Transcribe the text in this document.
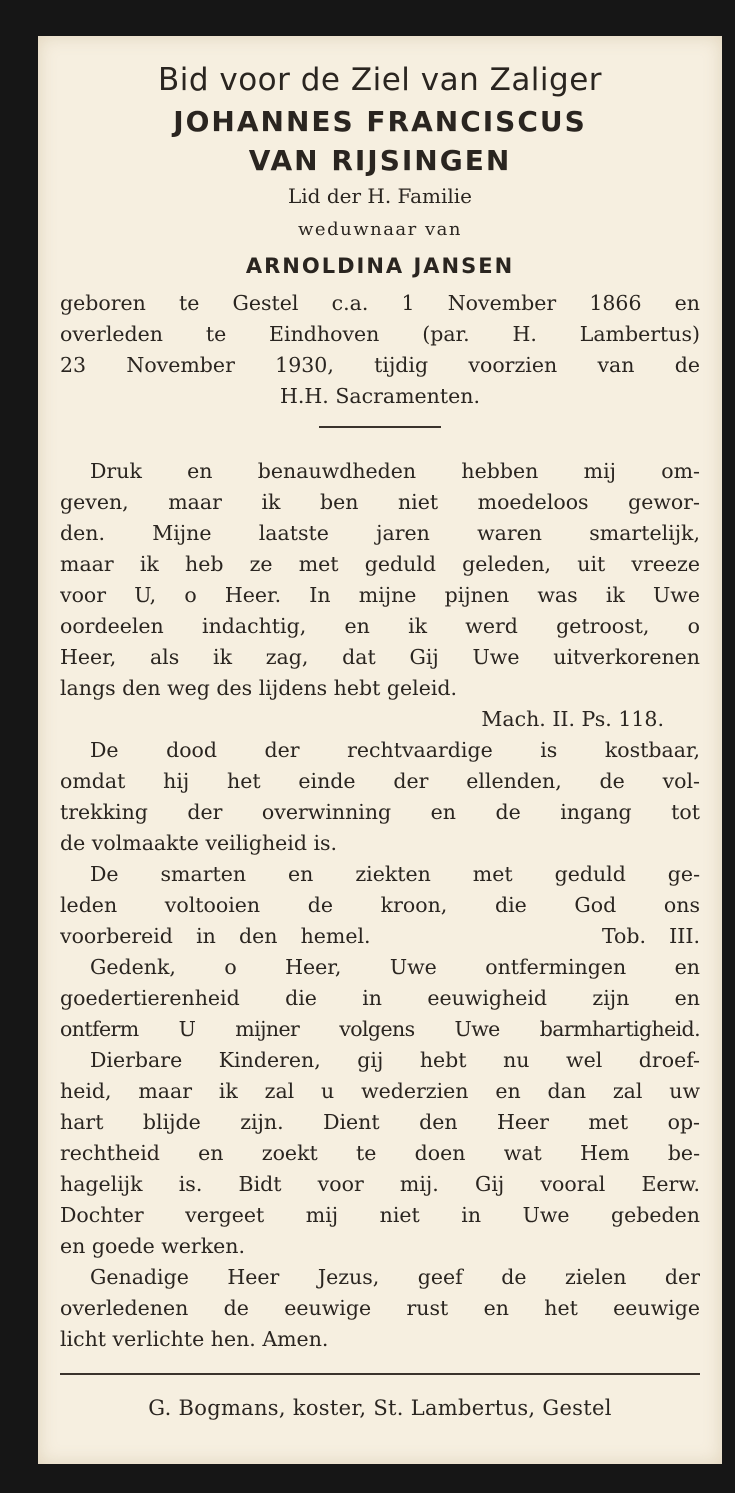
Bid voor de Ziel van Zaliger

JOHANNES FRANCISCUS

VAN RIJSINGEN

Lid der H. Familie

weduwnaar van

ARNOLDINA JANSEN

geboren te Gestel c.a. 1 November 1866 en

overleden te Eindhoven (par. H. Lambertus)

23 November 1930, tijdig voorzien van de

H.H. Sacramenten.

Druk en benauwdheden hebben mij om-

geven, maar ik ben niet moedeloos gewor-

den. Mijne laatste jaren waren smartelijk,

maar ik heb ze met geduld geleden, uit vreeze

voor U, o Heer. In mijne pijnen was ik Uwe

oordeelen indachtig, en ik werd getroost, o

Heer, als ik zag, dat Gij Uwe uitverkorenen

langs den weg des lijdens hebt geleid.

Mach. II. Ps. 118.

De dood der rechtvaardige is kostbaar,

omdat hij het einde der ellenden, de vol-

trekking der overwinning en de ingang tot

de volmaakte veiligheid is.

De smarten en ziekten met geduld ge-

leden voltooien de kroon, die God ons

voorbereid in den hemel.          Tob. III.

Gedenk, o Heer, Uwe ontfermingen en

goedertierenheid die in eeuwigheid zijn en

ontferm U mijner volgens Uwe barmhartigheid.

Dierbare Kinderen, gij hebt nu wel droef-

heid, maar ik zal u wederzien en dan zal uw

hart blijde zijn. Dient den Heer met op-

rechtheid en zoekt te doen wat Hem be-

hagelijk is. Bidt voor mij. Gij vooral Eerw.

Dochter vergeet mij niet in Uwe gebeden

en goede werken.

Genadige Heer Jezus, geef de zielen der

overledenen de eeuwige rust en het eeuwige

licht verlichte hen. Amen.

G. Bogmans, koster, St. Lambertus, Gestel
